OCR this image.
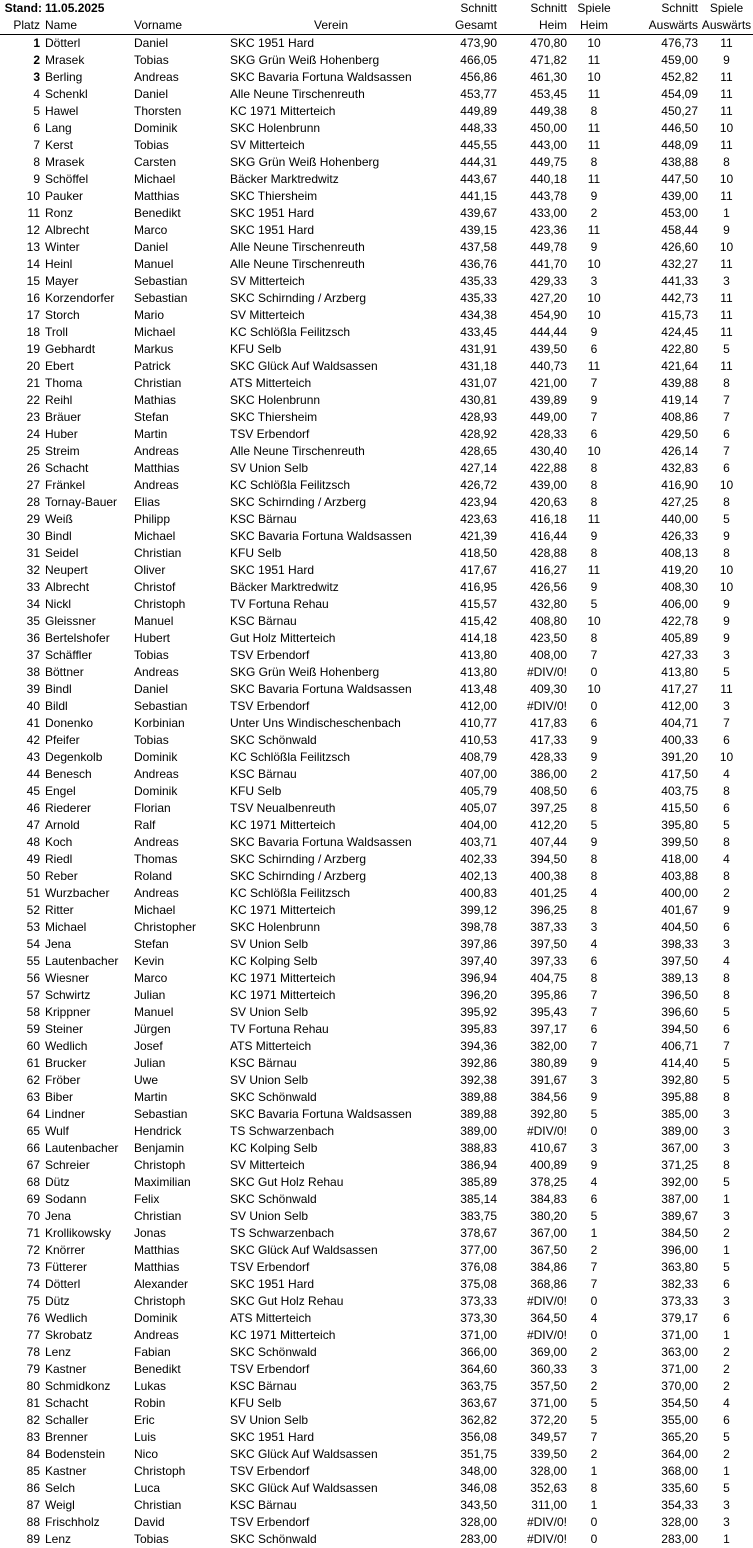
Stand:	11.05.2025			Schnitt	Schnitt	Spiele	Schnitt	Spiele
Platz	Name	Vorname	Verein	Gesamt	Heim	Heim	Auswärts	Auswärts
1	Dötterl	Daniel	SKC 1951 Hard	473,90	470,80	10	476,73	11
2	Mrasek	Tobias	SKG Grün Weiß Hohenberg	466,05	471,82	11	459,00	9
3	Berling	Andreas	SKC Bavaria Fortuna Waldsassen	456,86	461,30	10	452,82	11
4	Schenkl	Daniel	Alle Neune Tirschenreuth	453,77	453,45	11	454,09	11
5	Hawel	Thorsten	KC 1971 Mitterteich	449,89	449,38	8	450,27	11
6	Lang	Dominik	SKC Holenbrunn	448,33	450,00	11	446,50	10
7	Kerst	Tobias	SV Mitterteich	445,55	443,00	11	448,09	11
8	Mrasek	Carsten	SKG Grün Weiß Hohenberg	444,31	449,75	8	438,88	8
9	Schöffel	Michael	Bäcker Marktredwitz	443,67	440,18	11	447,50	10
10	Pauker	Matthias	SKC Thiersheim	441,15	443,78	9	439,00	11
11	Ronz	Benedikt	SKC 1951 Hard	439,67	433,00	2	453,00	1
12	Albrecht	Marco	SKC 1951 Hard	439,15	423,36	11	458,44	9
13	Winter	Daniel	Alle Neune Tirschenreuth	437,58	449,78	9	426,60	10
14	Heinl	Manuel	Alle Neune Tirschenreuth	436,76	441,70	10	432,27	11
15	Mayer	Sebastian	SV Mitterteich	435,33	429,33	3	441,33	3
16	Korzendorfer	Sebastian	SKC Schirnding / Arzberg	435,33	427,20	10	442,73	11
17	Storch	Mario	SV Mitterteich	434,38	454,90	10	415,73	11
18	Troll	Michael	KC Schlößla Feilitzsch	433,45	444,44	9	424,45	11
19	Gebhardt	Markus	KFU Selb	431,91	439,50	6	422,80	5
20	Ebert	Patrick	SKC Glück Auf Waldsassen	431,18	440,73	11	421,64	11
21	Thoma	Christian	ATS Mitterteich	431,07	421,00	7	439,88	8
22	Reihl	Mathias	SKC Holenbrunn	430,81	439,89	9	419,14	7
23	Bräuer	Stefan	SKC Thiersheim	428,93	449,00	7	408,86	7
24	Huber	Martin	TSV Erbendorf	428,92	428,33	6	429,50	6
25	Streim	Andreas	Alle Neune Tirschenreuth	428,65	430,40	10	426,14	7
26	Schacht	Matthias	SV Union Selb	427,14	422,88	8	432,83	6
27	Fränkel	Andreas	KC Schlößla Feilitzsch	426,72	439,00	8	416,90	10
28	Tornay-Bauer	Elias	SKC Schirnding / Arzberg	423,94	420,63	8	427,25	8
29	Weiß	Philipp	KSC Bärnau	423,63	416,18	11	440,00	5
30	Bindl	Michael	SKC Bavaria Fortuna Waldsassen	421,39	416,44	9	426,33	9
31	Seidel	Christian	KFU Selb	418,50	428,88	8	408,13	8
32	Neupert	Oliver	SKC 1951 Hard	417,67	416,27	11	419,20	10
33	Albrecht	Christof	Bäcker Marktredwitz	416,95	426,56	9	408,30	10
34	Nickl	Christoph	TV Fortuna Rehau	415,57	432,80	5	406,00	9
35	Gleissner	Manuel	KSC Bärnau	415,42	408,80	10	422,78	9
36	Bertelshofer	Hubert	Gut Holz Mitterteich	414,18	423,50	8	405,89	9
37	Schäffler	Tobias	TSV Erbendorf	413,80	408,00	7	427,33	3
38	Böttner	Andreas	SKG Grün Weiß Hohenberg	413,80	#DIV/0!	0	413,80	5
39	Bindl	Daniel	SKC Bavaria Fortuna Waldsassen	413,48	409,30	10	417,27	11
40	Bildl	Sebastian	TSV Erbendorf	412,00	#DIV/0!	0	412,00	3
41	Donenko	Korbinian	Unter Uns Windischeschenbach	410,77	417,83	6	404,71	7
42	Pfeifer	Tobias	SKC Schönwald	410,53	417,33	9	400,33	6
43	Degenkolb	Dominik	KC Schlößla Feilitzsch	408,79	428,33	9	391,20	10
44	Benesch	Andreas	KSC Bärnau	407,00	386,00	2	417,50	4
45	Engel	Dominik	KFU Selb	405,79	408,50	6	403,75	8
46	Riederer	Florian	TSV Neualbenreuth	405,07	397,25	8	415,50	6
47	Arnold	Ralf	KC 1971 Mitterteich	404,00	412,20	5	395,80	5
48	Koch	Andreas	SKC Bavaria Fortuna Waldsassen	403,71	407,44	9	399,50	8
49	Riedl	Thomas	SKC Schirnding / Arzberg	402,33	394,50	8	418,00	4
50	Reber	Roland	SKC Schirnding / Arzberg	402,13	400,38	8	403,88	8
51	Wurzbacher	Andreas	KC Schlößla Feilitzsch	400,83	401,25	4	400,00	2
52	Ritter	Michael	KC 1971 Mitterteich	399,12	396,25	8	401,67	9
53	Michael	Christopher	SKC Holenbrunn	398,78	387,33	3	404,50	6
54	Jena	Stefan	SV Union Selb	397,86	397,50	4	398,33	3
55	Lautenbacher	Kevin	KC Kolping Selb	397,40	397,33	6	397,50	4
56	Wiesner	Marco	KC 1971 Mitterteich	396,94	404,75	8	389,13	8
57	Schwirtz	Julian	KC 1971 Mitterteich	396,20	395,86	7	396,50	8
58	Krippner	Manuel	SV Union Selb	395,92	395,43	7	396,60	5
59	Steiner	Jürgen	TV Fortuna Rehau	395,83	397,17	6	394,50	6
60	Wedlich	Josef	ATS Mitterteich	394,36	382,00	7	406,71	7
61	Brucker	Julian	KSC Bärnau	392,86	380,89	9	414,40	5
62	Fröber	Uwe	SV Union Selb	392,38	391,67	3	392,80	5
63	Biber	Martin	SKC Schönwald	389,88	384,56	9	395,88	8
64	Lindner	Sebastian	SKC Bavaria Fortuna Waldsassen	389,88	392,80	5	385,00	3
65	Wulf	Hendrick	TS Schwarzenbach	389,00	#DIV/0!	0	389,00	3
66	Lautenbacher	Benjamin	KC Kolping Selb	388,83	410,67	3	367,00	3
67	Schreier	Christoph	SV Mitterteich	386,94	400,89	9	371,25	8
68	Dütz	Maximilian	SKC Gut Holz Rehau	385,89	378,25	4	392,00	5
69	Sodann	Felix	SKC Schönwald	385,14	384,83	6	387,00	1
70	Jena	Christian	SV Union Selb	383,75	380,20	5	389,67	3
71	Krollikowsky	Jonas	TS Schwarzenbach	378,67	367,00	1	384,50	2
72	Knörrer	Matthias	SKC Glück Auf Waldsassen	377,00	367,50	2	396,00	1
73	Fütterer	Matthias	TSV Erbendorf	376,08	384,86	7	363,80	5
74	Dötterl	Alexander	SKC 1951 Hard	375,08	368,86	7	382,33	6
75	Dütz	Christoph	SKC Gut Holz Rehau	373,33	#DIV/0!	0	373,33	3
76	Wedlich	Dominik	ATS Mitterteich	373,30	364,50	4	379,17	6
77	Skrobatz	Andreas	KC 1971 Mitterteich	371,00	#DIV/0!	0	371,00	1
78	Lenz	Fabian	SKC Schönwald	366,00	369,00	2	363,00	2
79	Kastner	Benedikt	TSV Erbendorf	364,60	360,33	3	371,00	2
80	Schmidkonz	Lukas	KSC Bärnau	363,75	357,50	2	370,00	2
81	Schacht	Robin	KFU Selb	363,67	371,00	5	354,50	4
82	Schaller	Eric	SV Union Selb	362,82	372,20	5	355,00	6
83	Brenner	Luis	SKC 1951 Hard	356,08	349,57	7	365,20	5
84	Bodenstein	Nico	SKC Glück Auf Waldsassen	351,75	339,50	2	364,00	2
85	Kastner	Christoph	TSV Erbendorf	348,00	328,00	1	368,00	1
86	Selch	Luca	SKC Glück Auf Waldsassen	346,08	352,63	8	335,60	5
87	Weigl	Christian	KSC Bärnau	343,50	311,00	1	354,33	3
88	Frischholz	David	TSV Erbendorf	328,00	#DIV/0!	0	328,00	3
89	Lenz	Tobias	SKC Schönwald	283,00	#DIV/0!	0	283,00	1
